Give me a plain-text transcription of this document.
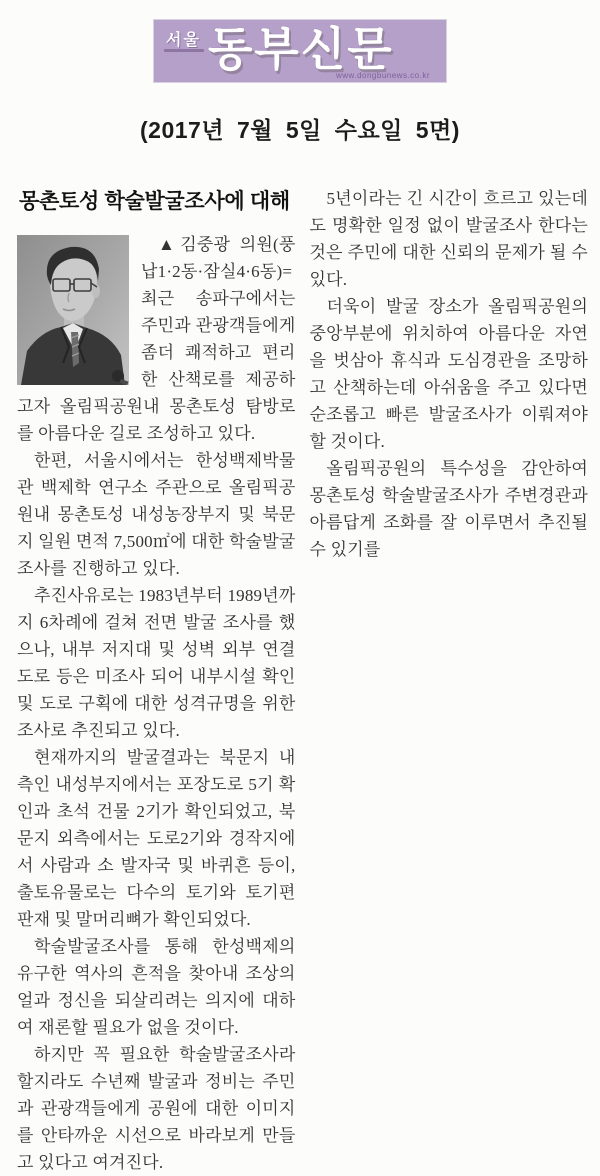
서울 동부신문
www.dongbunews.co.kr
(2017년 7월 5일 수요일 5면)
몽촌토성 학술발굴조사에 대해

▲김중광 의원(풍납1·2동·잠실4·6동)= 최근 송파구에서는 주민과 관광객들에게 좀더 쾌적하고 편리한 산책로를 제공하고자 올림픽공원내 몽촌토성 탐방로를 아름다운 길로 조성하고 있다.

한편, 서울시에서는 한성백제박물관 백제학 연구소 주관으로 올림픽공원내 몽촌토성 내성농장부지 및 북문지 일원 면적 7,500㎡에 대한 학술발굴조사를 진행하고 있다.

추진사유로는 1983년부터 1989년까지 6차례에 걸쳐 전면 발굴 조사를 했으나, 내부 저지대 및 성벽 외부 연결도로 등은 미조사 되어 내부시설 확인 및 도로 구획에 대한 성격규명을 위한 조사로 추진되고 있다.

현재까지의 발굴결과는 북문지 내측인 내성부지에서는 포장도로 5기 확인과 초석 건물 2기가 확인되었고, 북문지 외측에서는 도로2기와 경작지에서 사람과 소 발자국 및 바퀴흔 등이, 출토유물로는 다수의 토기와 토기편 판재 및 말머리뼈가 확인되었다.

학술발굴조사를 통해 한성백제의 유구한 역사의 흔적을 찾아내 조상의 얼과 정신을 되살리려는 의지에 대하여 재론할 필요가 없을 것이다.

하지만 꼭 필요한 학술발굴조사라 할지라도 수년째 발굴과 정비는 주민과 관광객들에게 공원에 대한 이미지를 안타까운 시선으로 바라보게 만들고 있다고 여겨진다.

5년이라는 긴 시간이 흐르고 있는데도 명확한 일정 없이 발굴조사 한다는 것은 주민에 대한 신뢰의 문제가 될 수 있다.

더욱이 발굴 장소가 올림픽공원의 중앙부분에 위치하여 아름다운 자연을 벗삼아 휴식과 도심경관을 조망하고 산책하는데 아쉬움을 주고 있다면 순조롭고 빠른 발굴조사가 이뤄져야 할 것이다.

올림픽공원의 특수성을 감안하여 몽촌토성 학술발굴조사가 주변경관과 아름답게 조화를 잘 이루면서 추진될 수 있기를
